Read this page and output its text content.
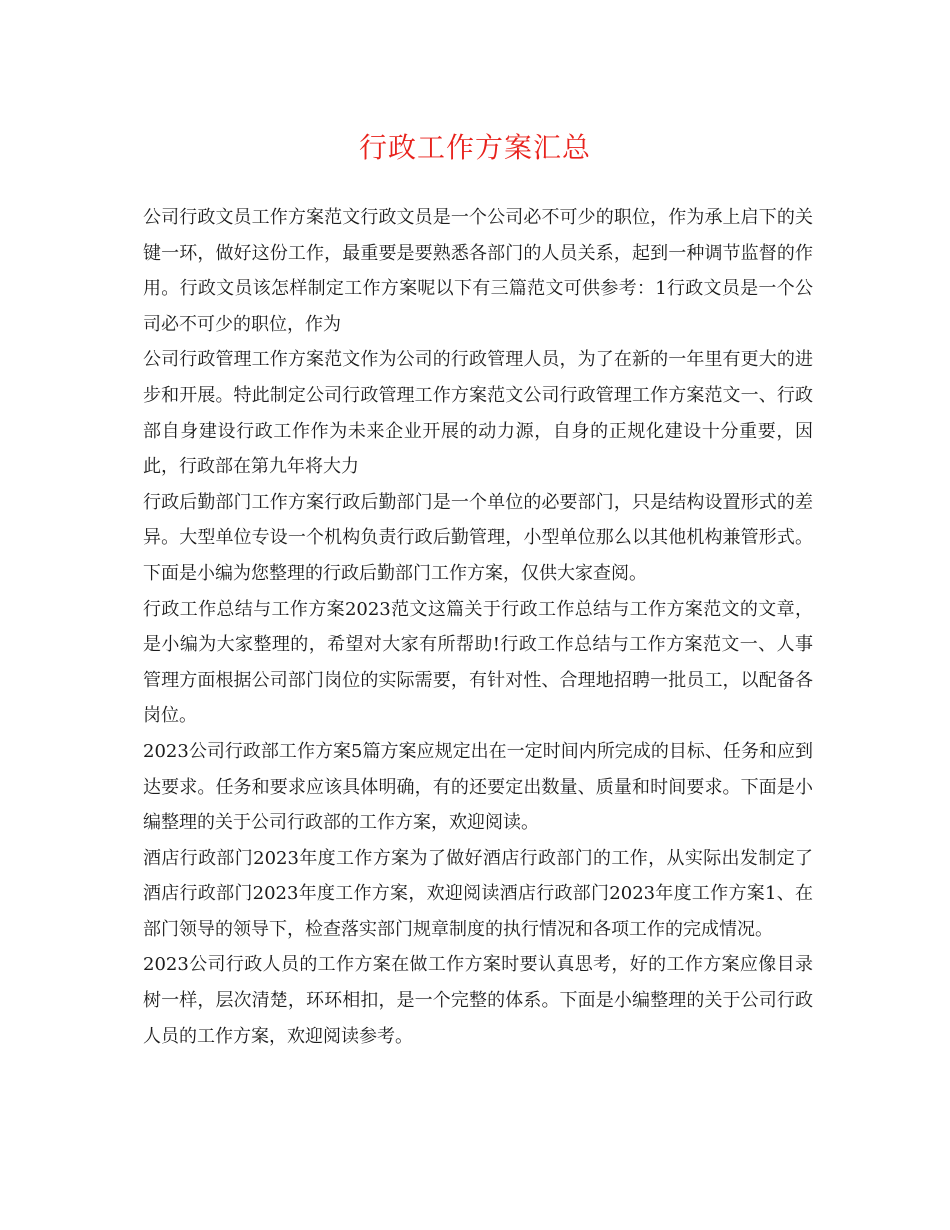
行政工作方案汇总

公司行政文员工作方案范文行政文员是一个公司必不可少的职位，作为承上启下的关键一环，做好这份工作，最重要是要熟悉各部门的人员关系，起到一种调节监督的作用。行政文员该怎样制定工作方案呢以下有三篇范文可供参考：1行政文员是一个公司必不可少的职位，作为

公司行政管理工作方案范文作为公司的行政管理人员，为了在新的一年里有更大的进步和开展。特此制定公司行政管理工作方案范文公司行政管理工作方案范文一、行政部自身建设行政工作作为未来企业开展的动力源，自身的正规化建设十分重要，因此，行政部在第九年将大力

行政后勤部门工作方案行政后勤部门是一个单位的必要部门，只是结构设置形式的差异。大型单位专设一个机构负责行政后勤管理，小型单位那么以其他机构兼管形式。下面是小编为您整理的行政后勤部门工作方案，仅供大家查阅。

行政工作总结与工作方案2023范文这篇关于行政工作总结与工作方案范文的文章，是小编为大家整理的，希望对大家有所帮助!行政工作总结与工作方案范文一、人事管理方面根据公司部门岗位的实际需要，有针对性、合理地招聘一批员工，以配备各岗位。

2023公司行政部工作方案5篇方案应规定出在一定时间内所完成的目标、任务和应到达要求。任务和要求应该具体明确，有的还要定出数量、质量和时间要求。下面是小编整理的关于公司行政部的工作方案，欢迎阅读。

酒店行政部门2023年度工作方案为了做好酒店行政部门的工作，从实际出发制定了酒店行政部门2023年度工作方案，欢迎阅读酒店行政部门2023年度工作方案1、在部门领导的领导下，检查落实部门规章制度的执行情况和各项工作的完成情况。

2023公司行政人员的工作方案在做工作方案时要认真思考，好的工作方案应像目录树一样，层次清楚，环环相扣，是一个完整的体系。下面是小编整理的关于公司行政人员的工作方案，欢迎阅读参考。
